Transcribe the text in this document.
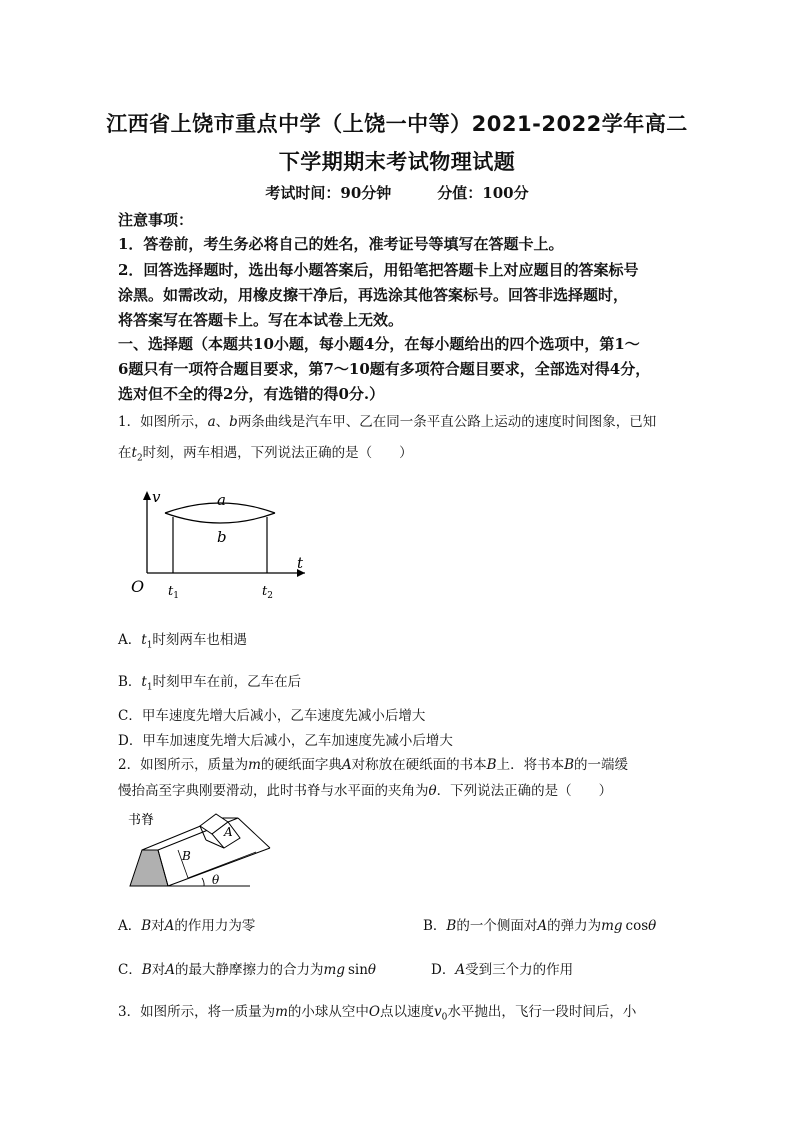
江西省上饶市重点中学（上饶一中等）2021-2022学年高二
下学期期末考试物理试题
考试时间：90分钟	分值：100分
注意事项：
1．答卷前，考生务必将自己的姓名，准考证号等填写在答题卡上。
2．回答选择题时，选出每小题答案后，用铅笔把答题卡上对应题目的答案标号
涂黑。如需改动，用橡皮擦干净后，再选涂其他答案标号。回答非选择题时，
将答案写在答题卡上。写在本试卷上无效。
一、选择题（本题共10小题，每小题4分，在每小题给出的四个选项中，第1～
6题只有一项符合题目要求，第7～10题有多项符合题目要求，全部选对得4分，
选对但不全的得2分，有选错的得0分.）
1．如图所示，a、b两条曲线是汽车甲、乙在同一条平直公路上运动的速度时间图象，已知
在$t_2$时刻，两车相遇，下列说法正确的是（　　）
v
t
O
a
b
$t_1$	$t_2$
A．$t_1$时刻两车也相遇
B．$t_1$时刻甲车在前，乙车在后
C．甲车速度先增大后减小，乙车速度先减小后增大
D．甲车加速度先增大后减小，乙车加速度先减小后增大
2．如图所示，质量为m的硬纸面字典A对称放在硬纸面的书本B上．将书本B的一端缓
慢抬高至字典刚要滑动，此时书脊与水平面的夹角为θ．下列说法正确的是（　　）
书脊
A
B
θ
A．B对A的作用力为零	B．B的一个侧面对A的弹力为mg cosθ
C．B对A的最大静摩擦力的合力为mg sinθ	D．A受到三个力的作用
3．如图所示，将一质量为m的小球从空中O点以速度$v_0$水平抛出，飞行一段时间后，小
